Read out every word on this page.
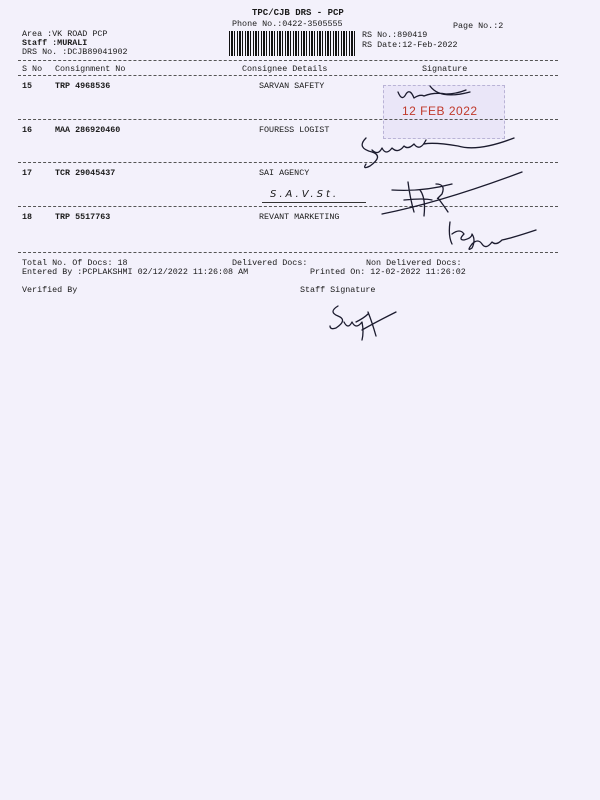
TPC/CJB DRS - PCP
Phone No.:0422-3505555	Page No.:2
Area :VK ROAD PCP
Staff :MURALI
DRS No. :DCJB89041902
RS No.:890419
RS Date:12-Feb-2022
S No Consignment No	Consignee Details	Signature
12 FEB 2022
15	TRP 4968536	SARVAN SAFETY
16	MAA 286920460	FOURESS LOGIST
17	TCR 29045437	SAI AGENCY
S.A.V.St.
18	TRP 5517763	REVANT MARKETING
Total No. Of Docs: 18	Delivered Docs:	Non Delivered Docs:
Entered By :PCPLAKSHMI 02/12/2022 11:26:08 AM	Printed On: 12-02-2022 11:26:02
Verified By	Staff Signature
